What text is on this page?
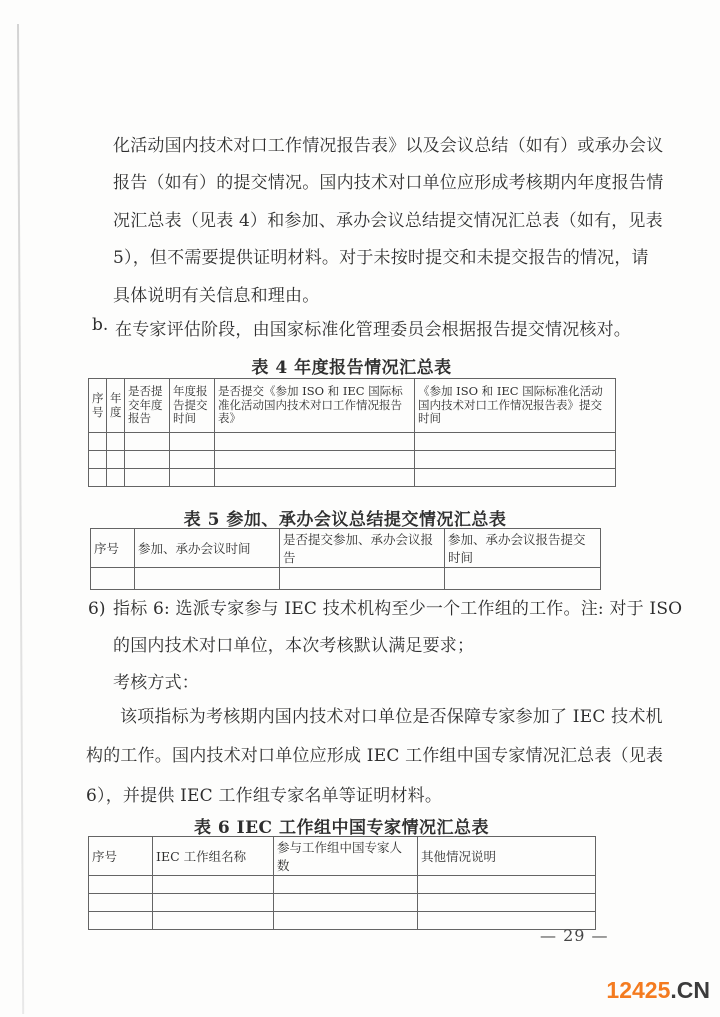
化活动国内技术对口工作情况报告表》以及会议总结（如有）或承办会议
报告（如有）的提交情况。国内技术对口单位应形成考核期内年度报告情
况汇总表（见表 4）和参加、承办会议总结提交情况汇总表（如有，见表
5），但不需要提供证明材料。对于未按时提交和未提交报告的情况，请
具体说明有关信息和理由。
b. 在专家评估阶段，由国家标准化管理委员会根据报告提交情况核对。
表 4 年度报告情况汇总表
序号	年度	是否提交年度报告	年度报告提交时间	是否提交《参加 ISO 和 IEC 国际标准化活动国内技术对口工作情况报告表》	《参加 ISO 和 IEC 国际标准化活动国内技术对口工作情况报告表》提交时间

表 5 参加、承办会议总结提交情况汇总表
序号	参加、承办会议时间	是否提交参加、承办会议报告	参加、承办会议报告提交时间

6) 指标 6: 选派专家参与 IEC 技术机构至少一个工作组的工作。注: 对于 ISO
的国内技术对口单位，本次考核默认满足要求；
考核方式：
该项指标为考核期内国内技术对口单位是否保障专家参加了 IEC 技术机
构的工作。国内技术对口单位应形成 IEC 工作组中国专家情况汇总表（见表
6），并提供 IEC 工作组专家名单等证明材料。
表 6 IEC 工作组中国专家情况汇总表
序号	IEC 工作组名称	参与工作组中国专家人数	其他情况说明

— 29 —
12425.CN
